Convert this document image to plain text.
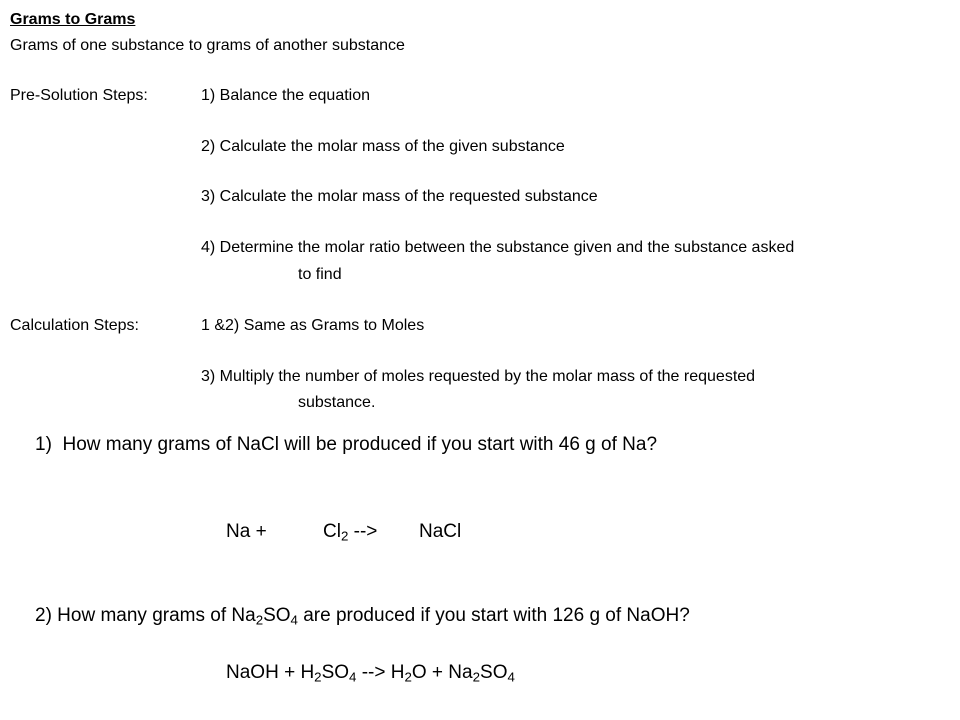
Grams to Grams
Grams of one substance to grams of another substance
Pre-Solution Steps:	1) Balance the equation
2) Calculate the molar mass of the given substance
3) Calculate the molar mass of the requested substance
4) Determine the molar ratio between the substance given and the substance asked
to find
Calculation Steps:	1 &2) Same as Grams to Moles
3) Multiply the number of moles requested by the molar mass of the requested
substance.
1) How many grams of NaCl will be produced if you start with 46 g of Na?
Na +	$Cl_2$ --> NaCl
2) How many grams of $Na_2SO_4$ are produced if you start with 126 g of NaOH?
NaOH + $H_2SO_4$ --> $H_2O + Na_2SO_4$
